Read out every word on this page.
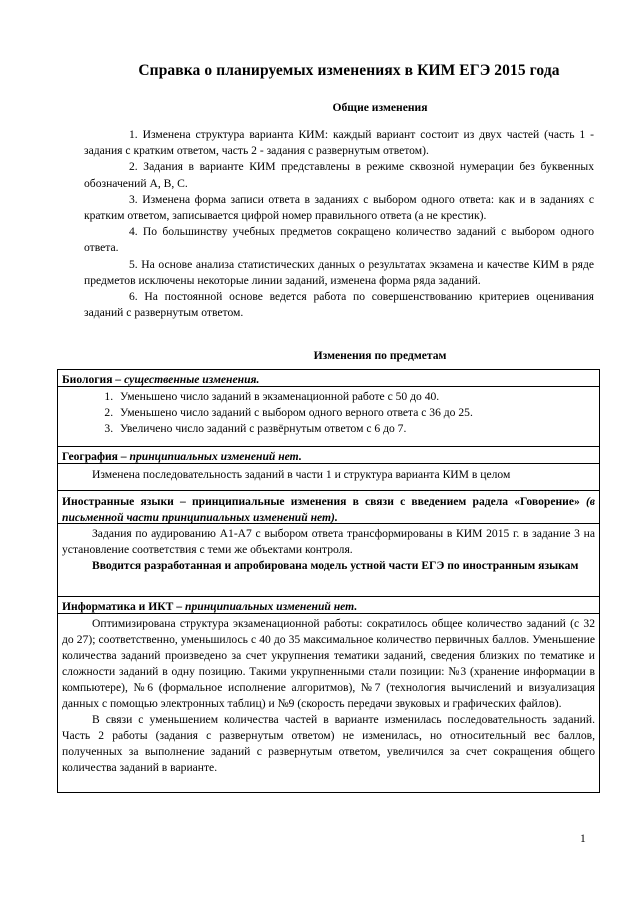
Справка о планируемых изменениях в КИМ ЕГЭ 2015 года
Общие изменения

1. Изменена структура варианта КИМ: каждый вариант состоит из двух частей (часть 1 - задания с кратким ответом, часть 2 - задания с развернутым ответом).

2. Задания в варианте КИМ представлены в режиме сквозной нумерации без буквенных обозначений А, В, С.

3. Изменена форма записи ответа в заданиях с выбором одного ответа: как и в заданиях с кратким ответом, записывается цифрой номер правильного ответа (а не крестик).

4. По большинству учебных предметов сокращено количество заданий с выбором одного ответа.

5. На основе анализа статистических данных о результатах экзамена и качестве КИМ в ряде предметов исключены некоторые линии заданий, изменена форма ряда заданий.

6. На постоянной основе ведется работа по совершенствованию критериев оценивания заданий с развернутым ответом.

Изменения по предметам
Биология – существенные изменения.
1. Уменьшено число заданий в экзаменационной работе с 50 до 40.
2. Уменьшено число заданий с выбором одного верного ответа с 36 до 25.
3. Увеличено число заданий с развёрнутым ответом с 6 до 7.
География – принципиальных изменений нет.

Изменена последовательность заданий в части 1 и структура варианта КИМ в целом

Иностранные языки – принципиальные изменения в связи с введением радела «Говорение» (в письменной части принципиальных изменений нет).

Задания по аудированию А1-А7 с выбором ответа трансформированы в КИМ 2015 г. в задание 3 на установление соответствия с теми же объектами контроля.

Вводится разработанная и апробирована модель устной части ЕГЭ по иностранным языкам

Информатика и ИКТ – принципиальных изменений нет.

Оптимизирована структура экзаменационной работы: сократилось общее количество заданий (с 32 до 27); соответственно, уменьшилось с 40 до 35 максимальное количество первичных баллов. Уменьшение количества заданий произведено за счет укрупнения тематики заданий, сведения близких по тематике и сложности заданий в одну позицию. Такими укрупненными стали позиции: №3 (хранение информации в компьютере), №6 (формальное исполнение алгоритмов), №7 (технология вычислений и визуализация данных с помощью электронных таблиц) и №9 (скорость передачи звуковых и графических файлов).

В связи с уменьшением количества частей в варианте изменилась последовательность заданий. Часть 2 работы (задания с развернутым ответом) не изменилась, но относительный вес баллов, полученных за выполнение заданий с развернутым ответом, увеличился за счет сокращения общего количества заданий в варианте.

1
